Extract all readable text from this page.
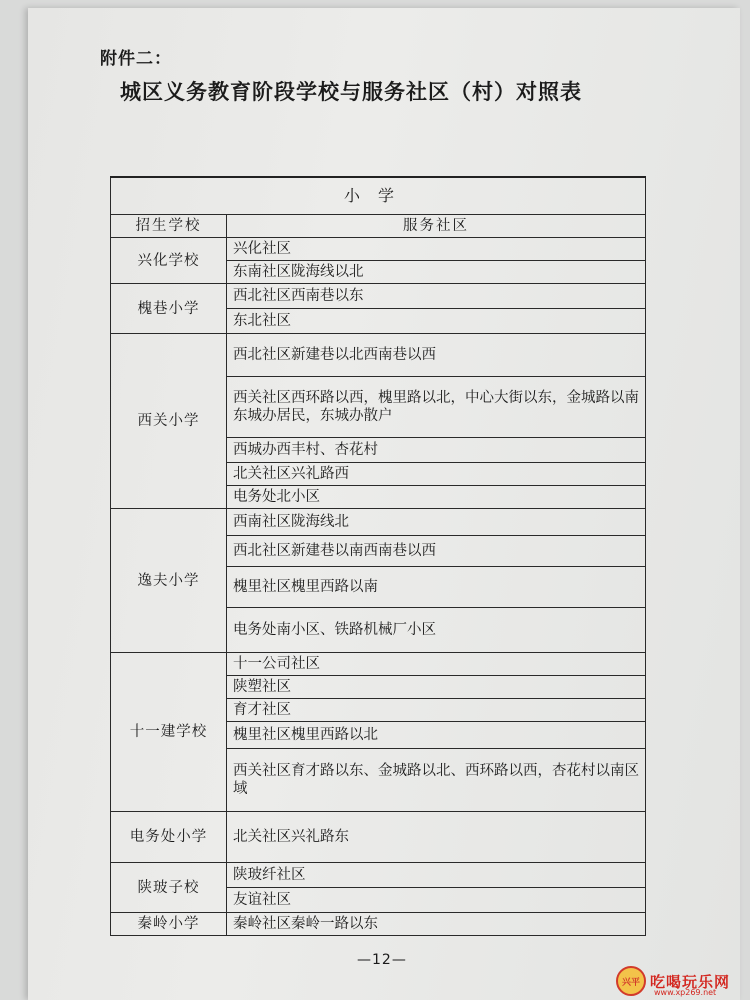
附件二：
城区义务教育阶段学校与服务社区（村）对照表
小学	
招生学校	服务社区
兴化学校	兴化社区
	东南社区陇海线以北
槐巷小学	西北社区西南巷以东
	东北社区
西关小学	西北社区新建巷以北西南巷以西
	西关社区西环路以西，槐里路以北，中心大街以东，金城路以南东城办居民，东城办散户
	西城办西丰村、杏花村
	北关社区兴礼路西
	电务处北小区
逸夫小学	西南社区陇海线北
	西北社区新建巷以南西南巷以西
	槐里社区槐里西路以南
	电务处南小区、铁路机械厂小区
十一建学校	十一公司社区
	陕塑社区
	育才社区
	槐里社区槐里西路以北
	西关社区育才路以东、金城路以北、西环路以西，杏花村以南区域
电务处小学	北关社区兴礼路东
陕玻子校	陕玻纤社区
	友谊社区
秦岭小学	秦岭社区秦岭一路以东
—12—
兴平 吃喝玩乐网
www.xp269.net
